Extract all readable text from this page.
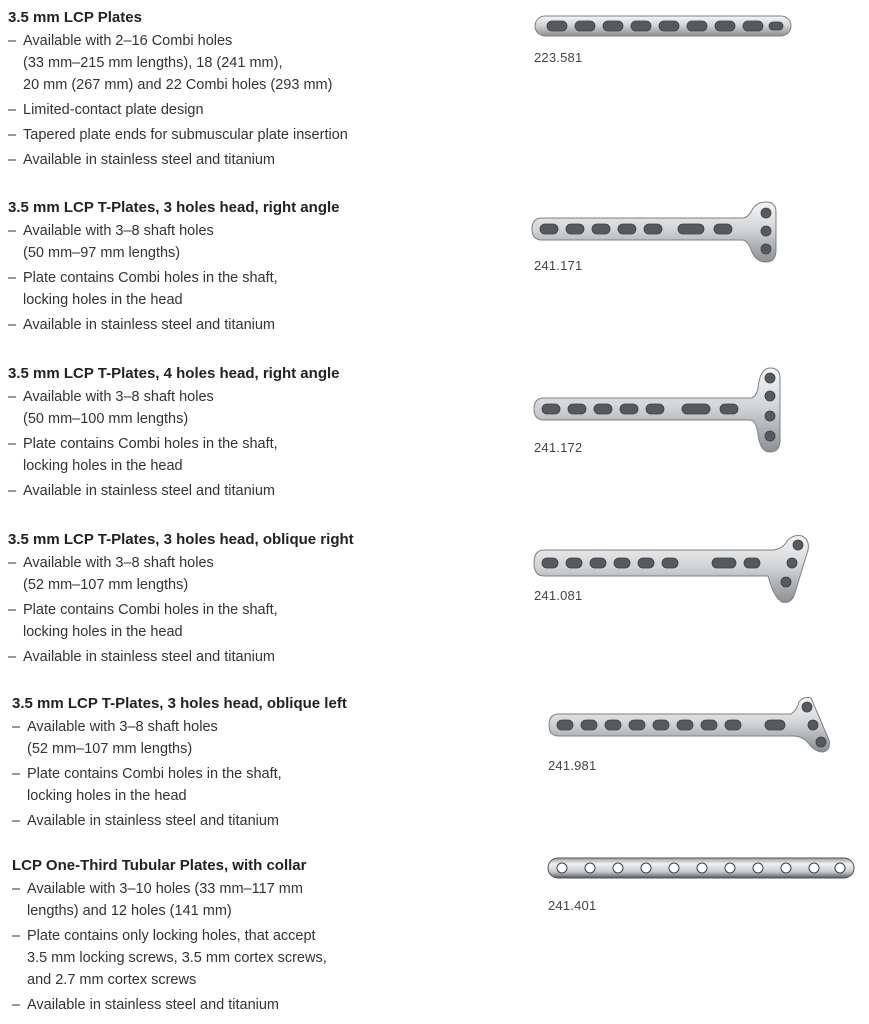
3.5 mm LCP Plates
– Available with 2–16 Combi holes
(33 mm–215 mm lengths), 18 (241 mm),
20 mm (267 mm) and 22 Combi holes (293 mm)
– Limited-contact plate design
– Tapered plate ends for submuscular plate insertion
– Available in stainless steel and titanium
223.581
3.5 mm LCP T-Plates, 3 holes head, right angle
– Available with 3–8 shaft holes
(50 mm–97 mm lengths)
– Plate contains Combi holes in the shaft,
locking holes in the head
– Available in stainless steel and titanium
241.171
3.5 mm LCP T-Plates, 4 holes head, right angle
– Available with 3–8 shaft holes
(50 mm–100 mm lengths)
– Plate contains Combi holes in the shaft,
locking holes in the head
– Available in stainless steel and titanium
241.172
3.5 mm LCP T-Plates, 3 holes head, oblique right
– Available with 3–8 shaft holes
(52 mm–107 mm lengths)
– Plate contains Combi holes in the shaft,
locking holes in the head
– Available in stainless steel and titanium
241.081
3.5 mm LCP T-Plates, 3 holes head, oblique left
– Available with 3–8 shaft holes
(52 mm–107 mm lengths)
– Plate contains Combi holes in the shaft,
locking holes in the head
– Available in stainless steel and titanium
241.981
LCP One-Third Tubular Plates, with collar
– Available with 3–10 holes (33 mm–117 mm
lengths) and 12 holes (141 mm)
– Plate contains only locking holes, that accept
3.5 mm locking screws, 3.5 mm cortex screws,
and 2.7 mm cortex screws
– Available in stainless steel and titanium
241.401
